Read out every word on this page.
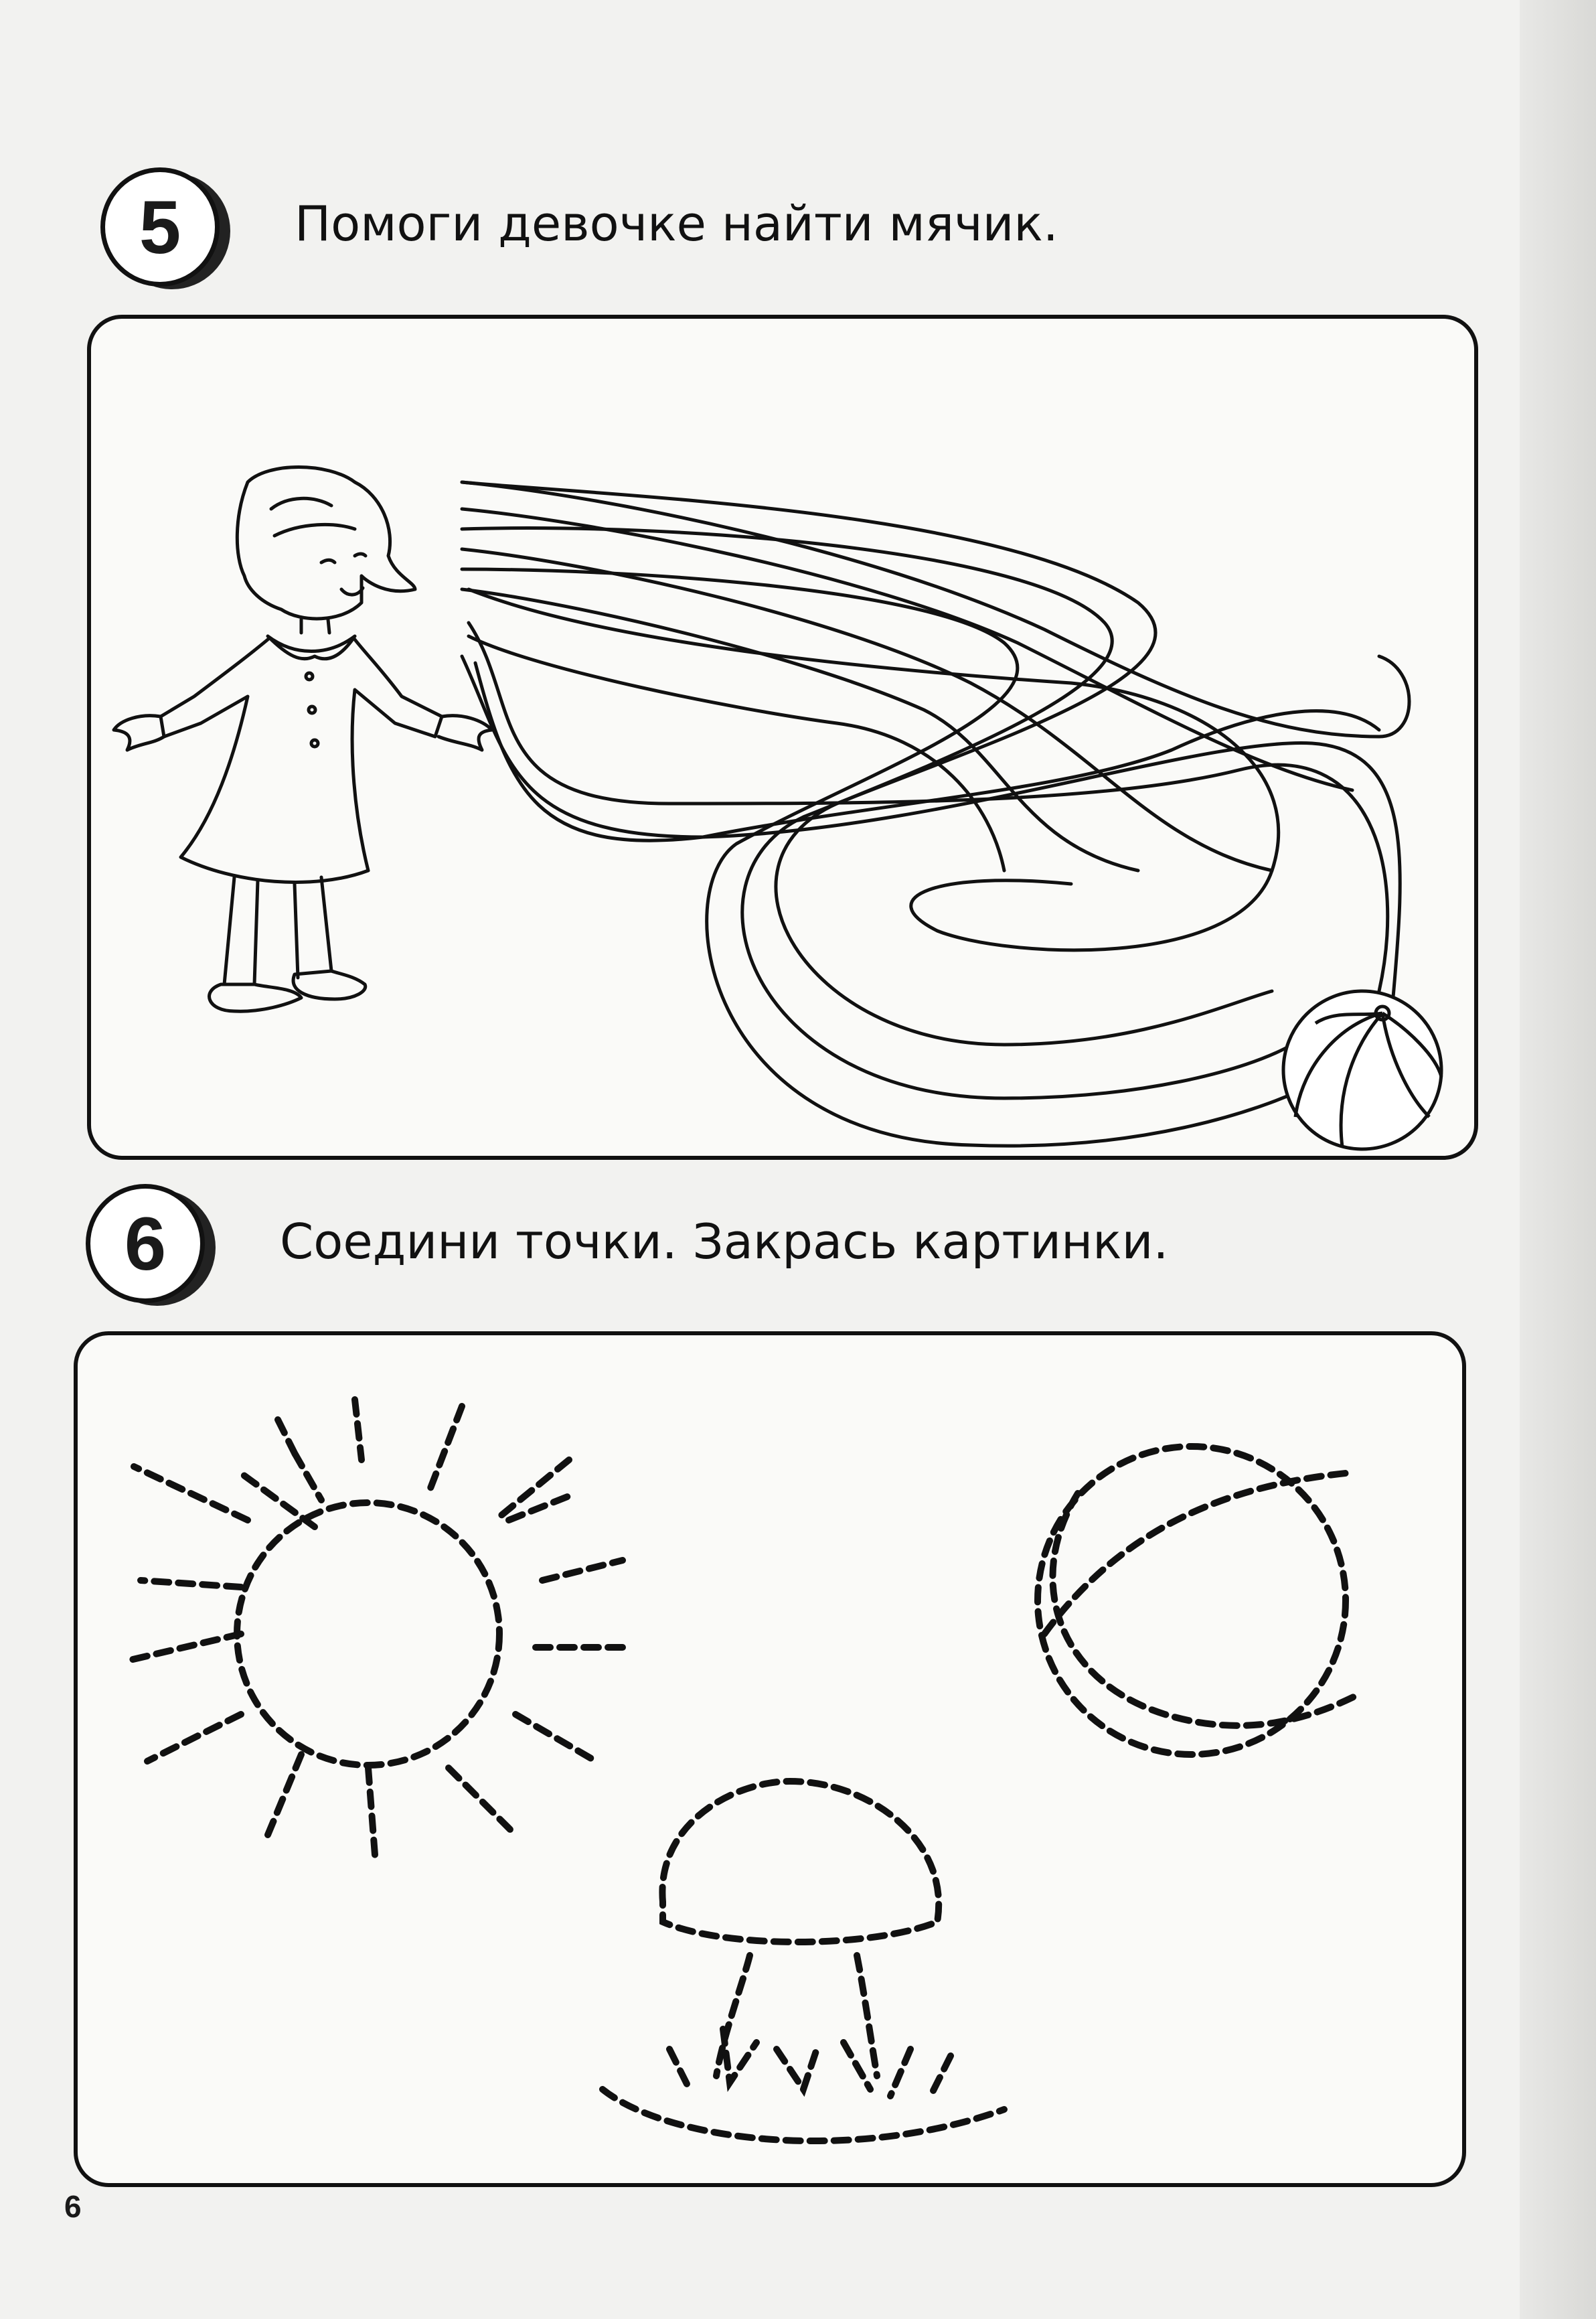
5 Помоги девочке найти мячик.
6 Соедини точки. Закрась картинки.
6
